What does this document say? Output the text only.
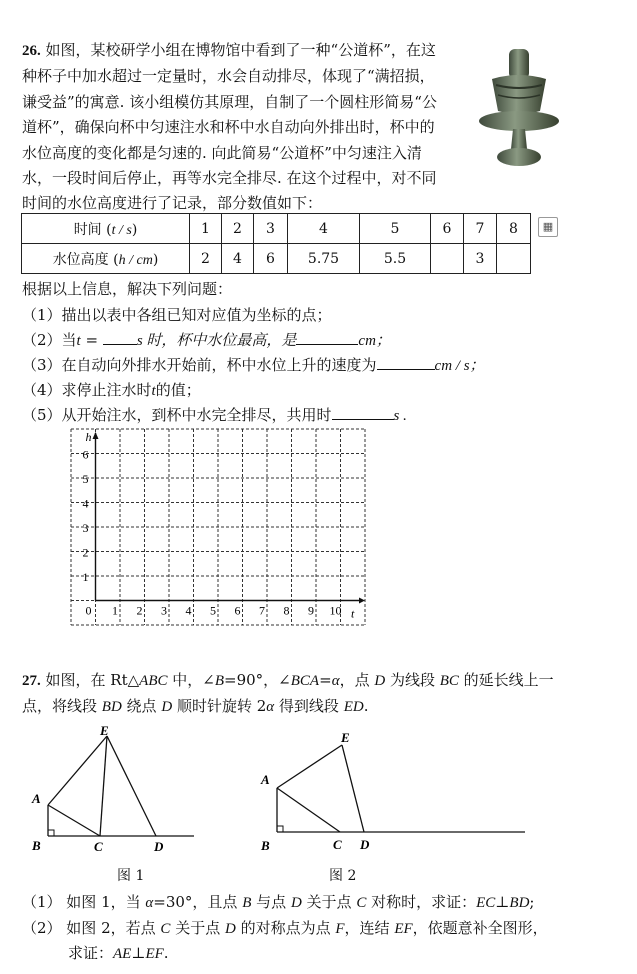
26. 如图，某校研学小组在博物馆中看到了一种“公道杯”，在这
种杯子中加水超过一定量时，水会自动排尽，体现了“满招损，
谦受益”的寓意. 该小组模仿其原理，自制了一个圆柱形简易“公
道杯”，确保向杯中匀速注水和杯中水自动向外排出时，杯中的
水位高度的变化都是匀速的. 向此简易“公道杯”中匀速注入清
水，一段时间后停止，再等水完全排尽. 在这个过程中，对不同
时间的水位高度进行了记录，部分数值如下：
时间 (t / s)	1	2	3	4	5	6	7	8
水位高度 (h / cm)	2	4	6	5.75	5.5		3	
▦
根据以上信息，解决下列问题：
（1）描出以表中各组已知对应值为坐标的点；
（2）当t = s 时，杯中水位最高，是	cm；
（3）在自动向外排水开始前，杯中水位上升的速度为	cm / s；
（4）求停止注水时t的值；
（5）从开始注水，到杯中水完全排尽，共用时	s .
h
t
0
1
2
3
4
5
6
1 2 3 4 5 6 7 8 9 10
27. 如图，在 Rt△ABC 中，∠B=90°，∠BCA=α，点 D 为线段 BC 的延长线上一
点，将线段 BD 绕点 D 顺时针旋转 2α 得到线段 ED.
E
A
B	C	D
图 1
E
A
B	C D
图 2
（1） 如图 1，当 α=30°，且点 B 与点 D 关于点 C 对称时，求证：EC⊥BD;
（2） 如图 2，若点 C 关于点 D 的对称点为点 F，连结 EF，依题意补全图形，
求证：AE⊥EF.
